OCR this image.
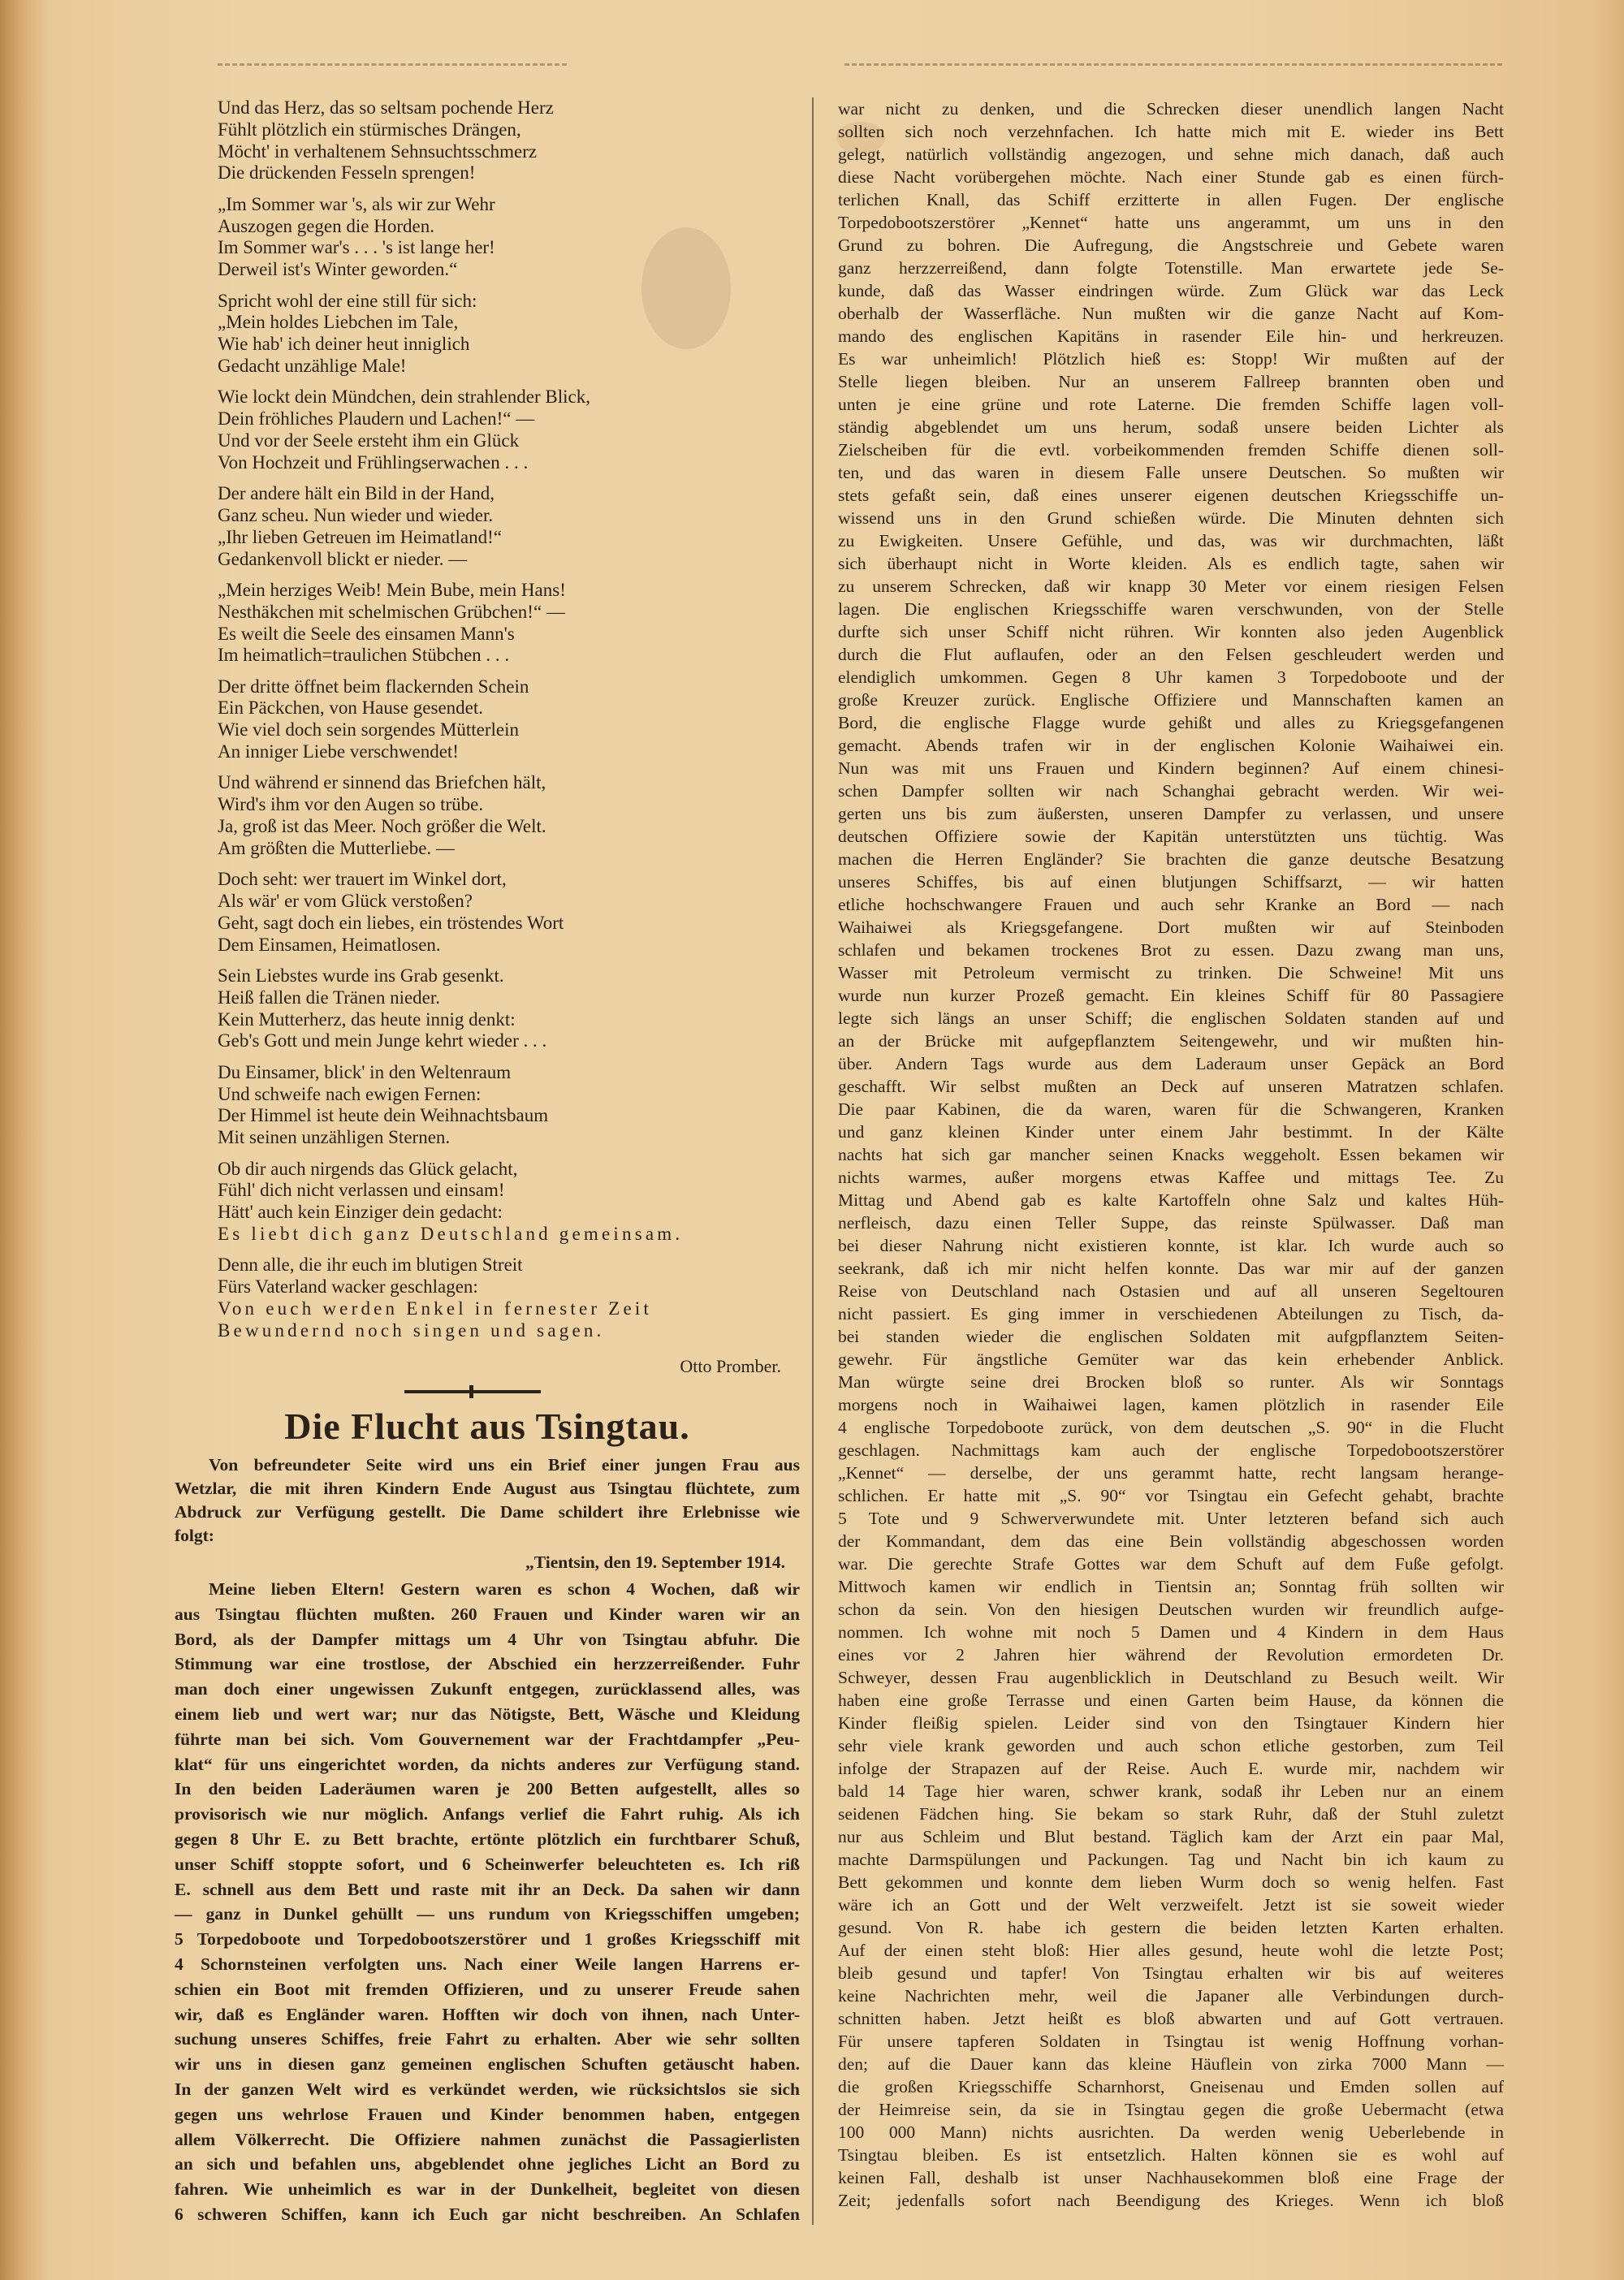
Und das Herz, das so seltsam pochende Herz
Fühlt plötzlich ein stürmisches Drängen,
Möcht' in verhaltenem Sehnsuchtsschmerz
Die drückenden Fesseln sprengen!
„Im Sommer war 's, als wir zur Wehr
Auszogen gegen die Horden.
Im Sommer war's . . . 's ist lange her!
Derweil ist's Winter geworden.“
Spricht wohl der eine still für sich:
„Mein holdes Liebchen im Tale,
Wie hab' ich deiner heut inniglich
Gedacht unzählige Male!
Wie lockt dein Mündchen, dein strahlender Blick,
Dein fröhliches Plaudern und Lachen!“ —
Und vor der Seele ersteht ihm ein Glück
Von Hochzeit und Frühlingserwachen . . .
Der andere hält ein Bild in der Hand,
Ganz scheu. Nun wieder und wieder.
„Ihr lieben Getreuen im Heimatland!“
Gedankenvoll blickt er nieder. —
„Mein herziges Weib! Mein Bube, mein Hans!
Nesthäkchen mit schelmischen Grübchen!“ —
Es weilt die Seele des einsamen Mann's
Im heimatlich=traulichen Stübchen . . .
Der dritte öffnet beim flackernden Schein
Ein Päckchen, von Hause gesendet.
Wie viel doch sein sorgendes Mütterlein
An inniger Liebe verschwendet!
Und während er sinnend das Briefchen hält,
Wird's ihm vor den Augen so trübe.
Ja, groß ist das Meer. Noch größer die Welt.
Am größten die Mutterliebe. —
Doch seht: wer trauert im Winkel dort,
Als wär' er vom Glück verstoßen?
Geht, sagt doch ein liebes, ein tröstendes Wort
Dem Einsamen, Heimatlosen.
Sein Liebstes wurde ins Grab gesenkt.
Heiß fallen die Tränen nieder.
Kein Mutterherz, das heute innig denkt:
Geb's Gott und mein Junge kehrt wieder . . .
Du Einsamer, blick' in den Weltenraum
Und schweife nach ewigen Fernen:
Der Himmel ist heute dein Weihnachtsbaum
Mit seinen unzähligen Sternen.
Ob dir auch nirgends das Glück gelacht,
Fühl' dich nicht verlassen und einsam!
Hätt' auch kein Einziger dein gedacht:
Es liebt dich ganz Deutschland gemeinsam.
Denn alle, die ihr euch im blutigen Streit
Fürs Vaterland wacker geschlagen:
Von euch werden Enkel in fernester Zeit
Bewundernd noch singen und sagen.
Otto Promber.
Die Flucht aus Tsingtau.
Von befreundeter Seite wird uns ein Brief einer jungen Frau aus
Wetzlar, die mit ihren Kindern Ende August aus Tsingtau flüchtete, zum
Abdruck zur Verfügung gestellt. Die Dame schildert ihre Erlebnisse wie
folgt:
„Tientsin, den 19. September 1914.
Meine lieben Eltern! Gestern waren es schon 4 Wochen, daß wir
aus Tsingtau flüchten mußten. 260 Frauen und Kinder waren wir an
Bord, als der Dampfer mittags um 4 Uhr von Tsingtau abfuhr. Die
Stimmung war eine trostlose, der Abschied ein herzzerreißender. Fuhr
man doch einer ungewissen Zukunft entgegen, zurücklassend alles, was
einem lieb und wert war; nur das Nötigste, Bett, Wäsche und Kleidung
führte man bei sich. Vom Gouvernement war der Frachtdampfer „Peu-
klat“ für uns eingerichtet worden, da nichts anderes zur Verfügung stand.
In den beiden Laderäumen waren je 200 Betten aufgestellt, alles so
provisorisch wie nur möglich. Anfangs verlief die Fahrt ruhig. Als ich
gegen 8 Uhr E. zu Bett brachte, ertönte plötzlich ein furchtbarer Schuß,
unser Schiff stoppte sofort, und 6 Scheinwerfer beleuchteten es. Ich riß
E. schnell aus dem Bett und raste mit ihr an Deck. Da sahen wir dann
— ganz in Dunkel gehüllt — uns rundum von Kriegsschiffen umgeben;
5 Torpedoboote und Torpedobootszerstörer und 1 großes Kriegsschiff mit
4 Schornsteinen verfolgten uns. Nach einer Weile langen Harrens er-
schien ein Boot mit fremden Offizieren, und zu unserer Freude sahen
wir, daß es Engländer waren. Hofften wir doch von ihnen, nach Unter-
suchung unseres Schiffes, freie Fahrt zu erhalten. Aber wie sehr sollten
wir uns in diesen ganz gemeinen englischen Schuften getäuscht haben.
In der ganzen Welt wird es verkündet werden, wie rücksichtslos sie sich
gegen uns wehrlose Frauen und Kinder benommen haben, entgegen
allem Völkerrecht. Die Offiziere nahmen zunächst die Passagierlisten
an sich und befahlen uns, abgeblendet ohne jegliches Licht an Bord zu
fahren. Wie unheimlich es war in der Dunkelheit, begleitet von diesen
6 schweren Schiffen, kann ich Euch gar nicht beschreiben. An Schlafen
war nicht zu denken, und die Schrecken dieser unendlich langen Nacht
sollten sich noch verzehnfachen. Ich hatte mich mit E. wieder ins Bett
gelegt, natürlich vollständig angezogen, und sehne mich danach, daß auch
diese Nacht vorübergehen möchte. Nach einer Stunde gab es einen fürch-
terlichen Knall, das Schiff erzitterte in allen Fugen. Der englische
Torpedobootszerstörer „Kennet“ hatte uns angerammt, um uns in den
Grund zu bohren. Die Aufregung, die Angstschreie und Gebete waren
ganz herzzerreißend, dann folgte Totenstille. Man erwartete jede Se-
kunde, daß das Wasser eindringen würde. Zum Glück war das Leck
oberhalb der Wasserfläche. Nun mußten wir die ganze Nacht auf Kom-
mando des englischen Kapitäns in rasender Eile hin- und herkreuzen.
Es war unheimlich! Plötzlich hieß es: Stopp! Wir mußten auf der
Stelle liegen bleiben. Nur an unserem Fallreep brannten oben und
unten je eine grüne und rote Laterne. Die fremden Schiffe lagen voll-
ständig abgeblendet um uns herum, sodaß unsere beiden Lichter als
Zielscheiben für die evtl. vorbeikommenden fremden Schiffe dienen soll-
ten, und das waren in diesem Falle unsere Deutschen. So mußten wir
stets gefaßt sein, daß eines unserer eigenen deutschen Kriegsschiffe un-
wissend uns in den Grund schießen würde. Die Minuten dehnten sich
zu Ewigkeiten. Unsere Gefühle, und das, was wir durchmachten, läßt
sich überhaupt nicht in Worte kleiden. Als es endlich tagte, sahen wir
zu unserem Schrecken, daß wir knapp 30 Meter vor einem riesigen Felsen
lagen. Die englischen Kriegsschiffe waren verschwunden, von der Stelle
durfte sich unser Schiff nicht rühren. Wir konnten also jeden Augenblick
durch die Flut auflaufen, oder an den Felsen geschleudert werden und
elendiglich umkommen. Gegen 8 Uhr kamen 3 Torpedoboote und der
große Kreuzer zurück. Englische Offiziere und Mannschaften kamen an
Bord, die englische Flagge wurde gehißt und alles zu Kriegsgefangenen
gemacht. Abends trafen wir in der englischen Kolonie Waihaiwei ein.
Nun was mit uns Frauen und Kindern beginnen? Auf einem chinesi-
schen Dampfer sollten wir nach Schanghai gebracht werden. Wir wei-
gerten uns bis zum äußersten, unseren Dampfer zu verlassen, und unsere
deutschen Offiziere sowie der Kapitän unterstützten uns tüchtig. Was
machen die Herren Engländer? Sie brachten die ganze deutsche Besatzung
unseres Schiffes, bis auf einen blutjungen Schiffsarzt, — wir hatten
etliche hochschwangere Frauen und auch sehr Kranke an Bord — nach
Waihaiwei als Kriegsgefangene. Dort mußten wir auf Steinboden
schlafen und bekamen trockenes Brot zu essen. Dazu zwang man uns,
Wasser mit Petroleum vermischt zu trinken. Die Schweine! Mit uns
wurde nun kurzer Prozeß gemacht. Ein kleines Schiff für 80 Passagiere
legte sich längs an unser Schiff; die englischen Soldaten standen auf und
an der Brücke mit aufgepflanztem Seitengewehr, und wir mußten hin-
über. Andern Tags wurde aus dem Laderaum unser Gepäck an Bord
geschafft. Wir selbst mußten an Deck auf unseren Matratzen schlafen.
Die paar Kabinen, die da waren, waren für die Schwangeren, Kranken
und ganz kleinen Kinder unter einem Jahr bestimmt. In der Kälte
nachts hat sich gar mancher seinen Knacks weggeholt. Essen bekamen wir
nichts warmes, außer morgens etwas Kaffee und mittags Tee. Zu
Mittag und Abend gab es kalte Kartoffeln ohne Salz und kaltes Hüh-
nerfleisch, dazu einen Teller Suppe, das reinste Spülwasser. Daß man
bei dieser Nahrung nicht existieren konnte, ist klar. Ich wurde auch so
seekrank, daß ich mir nicht helfen konnte. Das war mir auf der ganzen
Reise von Deutschland nach Ostasien und auf all unseren Segeltouren
nicht passiert. Es ging immer in verschiedenen Abteilungen zu Tisch, da-
bei standen wieder die englischen Soldaten mit aufgpflanztem Seiten-
gewehr. Für ängstliche Gemüter war das kein erhebender Anblick.
Man würgte seine drei Brocken bloß so runter. Als wir Sonntags
morgens noch in Waihaiwei lagen, kamen plötzlich in rasender Eile
4 englische Torpedoboote zurück, von dem deutschen „S. 90“ in die Flucht
geschlagen. Nachmittags kam auch der englische Torpedobootszerstörer
„Kennet“ — derselbe, der uns gerammt hatte, recht langsam herange-
schlichen. Er hatte mit „S. 90“ vor Tsingtau ein Gefecht gehabt, brachte
5 Tote und 9 Schwerverwundete mit. Unter letzteren befand sich auch
der Kommandant, dem das eine Bein vollständig abgeschossen worden
war. Die gerechte Strafe Gottes war dem Schuft auf dem Fuße gefolgt.
Mittwoch kamen wir endlich in Tientsin an; Sonntag früh sollten wir
schon da sein. Von den hiesigen Deutschen wurden wir freundlich aufge-
nommen. Ich wohne mit noch 5 Damen und 4 Kindern in dem Haus
eines vor 2 Jahren hier während der Revolution ermordeten Dr.
Schweyer, dessen Frau augenblicklich in Deutschland zu Besuch weilt. Wir
haben eine große Terrasse und einen Garten beim Hause, da können die
Kinder fleißig spielen. Leider sind von den Tsingtauer Kindern hier
sehr viele krank geworden und auch schon etliche gestorben, zum Teil
infolge der Strapazen auf der Reise. Auch E. wurde mir, nachdem wir
bald 14 Tage hier waren, schwer krank, sodaß ihr Leben nur an einem
seidenen Fädchen hing. Sie bekam so stark Ruhr, daß der Stuhl zuletzt
nur aus Schleim und Blut bestand. Täglich kam der Arzt ein paar Mal,
machte Darmspülungen und Packungen. Tag und Nacht bin ich kaum zu
Bett gekommen und konnte dem lieben Wurm doch so wenig helfen. Fast
wäre ich an Gott und der Welt verzweifelt. Jetzt ist sie soweit wieder
gesund. Von R. habe ich gestern die beiden letzten Karten erhalten.
Auf der einen steht bloß: Hier alles gesund, heute wohl die letzte Post;
bleib gesund und tapfer! Von Tsingtau erhalten wir bis auf weiteres
keine Nachrichten mehr, weil die Japaner alle Verbindungen durch-
schnitten haben. Jetzt heißt es bloß abwarten und auf Gott vertrauen.
Für unsere tapferen Soldaten in Tsingtau ist wenig Hoffnung vorhan-
den; auf die Dauer kann das kleine Häuflein von zirka 7000 Mann —
die großen Kriegsschiffe Scharnhorst, Gneisenau und Emden sollen auf
der Heimreise sein, da sie in Tsingtau gegen die große Uebermacht (etwa
100 000 Mann) nichts ausrichten. Da werden wenig Ueberlebende in
Tsingtau bleiben. Es ist entsetzlich. Halten können sie es wohl auf
keinen Fall, deshalb ist unser Nachhausekommen bloß eine Frage der
Zeit; jedenfalls sofort nach Beendigung des Krieges. Wenn ich bloß
